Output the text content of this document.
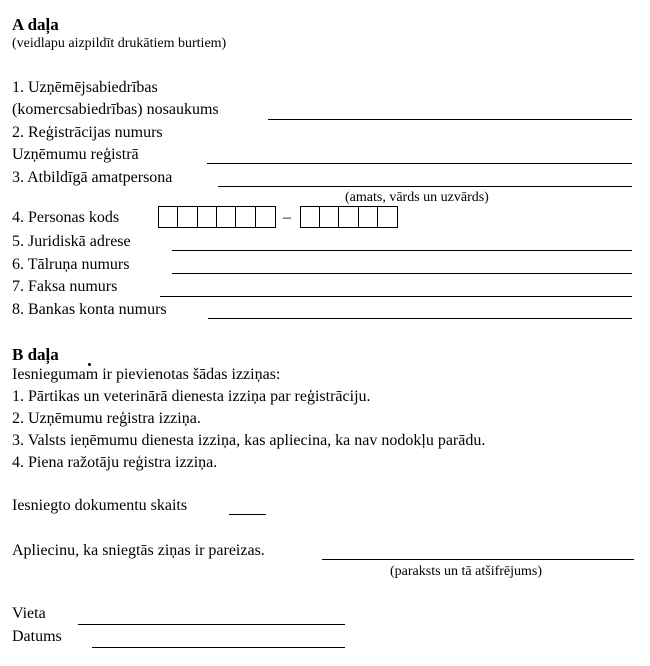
A daļa
(veidlapu aizpildīt drukātiem burtiem)
1. Uzņēmējsabiedrības
(komercsabiedrības) nosaukums
2. Reģistrācijas numurs
Uzņēmumu reģistrā
3. Atbildīgā amatpersona
(amats, vārds un uzvārds)
4. Personas kods	–
5. Juridiskā adrese
6. Tālruņa numurs
7. Faksa numurs
8. Bankas konta numurs
B daļa
Iesniegumam ir pievienotas šādas izziņas:
1. Pārtikas un veterinārā dienesta izziņa par reģistrāciju.
2. Uzņēmumu reģistra izziņa.
3. Valsts ieņēmumu dienesta izziņa, kas apliecina, ka nav nodokļu parādu.
4. Piena ražotāju reģistra izziņa.
Iesniegto dokumentu skaits
Apliecinu, ka sniegtās ziņas ir pareizas.
(paraksts un tā atšifrējums)
Vieta
Datums
